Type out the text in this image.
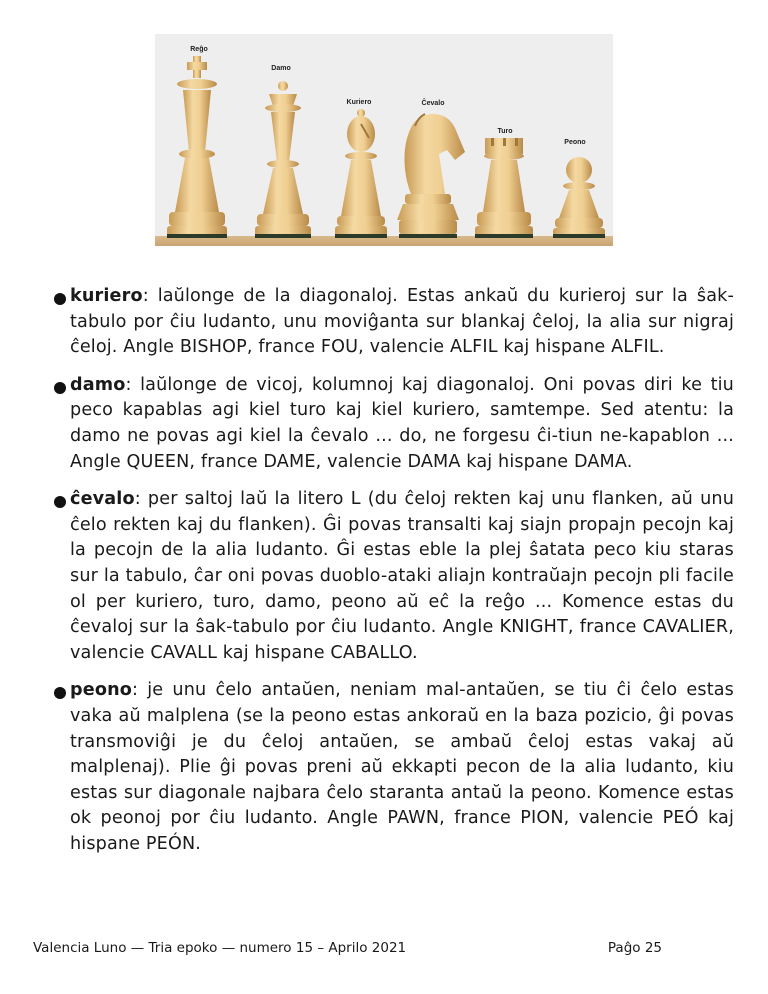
Reĝo
Damo
Kuriero	Ĉevalo
Turo
Peono
kuriero: laŭlonge de la diagonaloj. Estas ankaŭ du kurieroj sur la ŝak-tabulo por ĉiu ludanto, unu moviĝanta sur blankaj ĉeloj, la alia sur nigraj ĉeloj. Angle BISHOP, france FOU, valencie ALFIL kaj hispane ALFIL.
damo: laŭlonge de vicoj, kolumnoj kaj diagonaloj. Oni povas diri ke tiu peco kapablas agi kiel turo kaj kiel kuriero, samtempe. Sed atentu: la damo ne povas agi kiel la ĉevalo ... do, ne forgesu ĉi-tiun ne-kapablon ... Angle QUEEN, france DAME, valencie DAMA kaj hispane DAMA.
ĉevalo: per saltoj laŭ la litero L (du ĉeloj rekten kaj unu flanken, aŭ unu ĉelo rekten kaj du flanken). Ĝi povas transalti kaj siajn propajn pecojn kaj la pecojn de la alia ludanto. Ĝi estas eble la plej ŝatata peco kiu staras sur la tabulo, ĉar oni povas duoblo-ataki aliajn kontraŭajn pecojn pli facile ol per kuriero, turo, damo, peono aŭ eĉ la reĝo ... Komence estas du ĉevaloj sur la ŝak-tabulo por ĉiu ludanto. Angle KNIGHT, france CAVALIER, valencie CAVALL kaj hispane CABALLO.
peono: je unu ĉelo antaŭen, neniam mal-antaŭen, se tiu ĉi ĉelo estas vaka aŭ malplena (se la peono estas ankoraŭ en la baza pozicio, ĝi povas transmoviĝi je du ĉeloj antaŭen, se ambaŭ ĉeloj estas vakaj aŭ malplenaj). Plie ĝi povas preni aŭ ekkapti pecon de la alia ludanto, kiu estas sur diagonale najbara ĉelo staranta antaŭ la peono. Komence estas ok peonoj por ĉiu ludanto. Angle PAWN, france PION, valencie PEÓ kaj hispane PEÓN.
Valencia Luno — Tria epoko — numero 15 – Aprilo 2021	Paĝo 25
